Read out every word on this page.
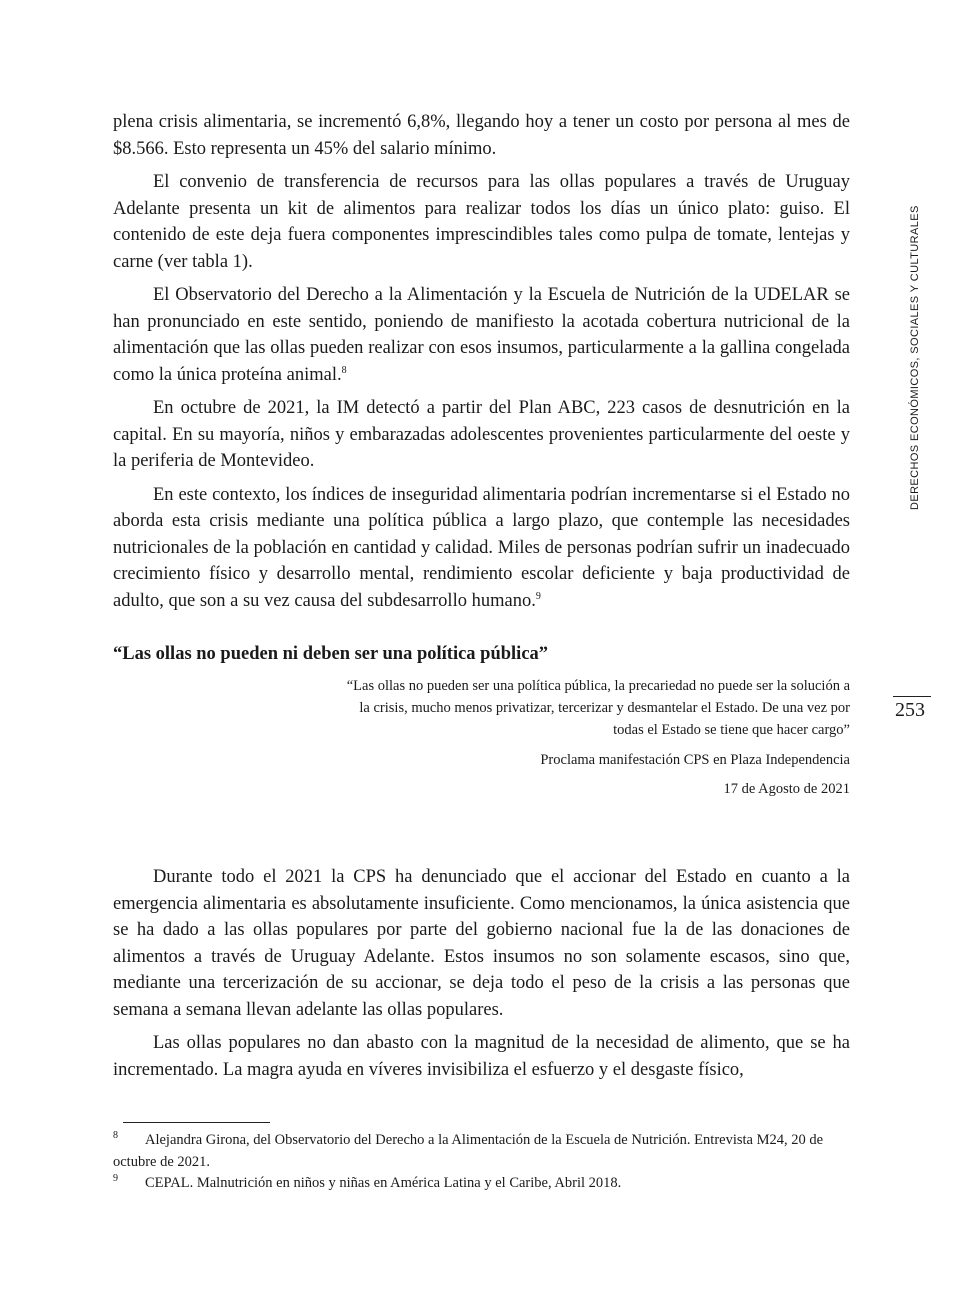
plena crisis alimentaria, se incrementó 6,8%, llegando hoy a tener un costo por persona al mes de $8.566. Esto representa un 45% del salario mínimo.

El convenio de transferencia de recursos para las ollas populares a través de Uruguay Adelante presenta un kit de alimentos para realizar todos los días un único plato: guiso. El contenido de este deja fuera componentes imprescindibles tales como pulpa de tomate, lentejas y carne (ver tabla 1).

El Observatorio del Derecho a la Alimentación y la Escuela de Nutrición de la UDELAR se han pronunciado en este sentido, poniendo de manifiesto la acotada cobertura nutricional de la alimentación que las ollas pueden realizar con esos insumos, particularmente a la gallina congelada como la única proteína animal.$^8$

En octubre de 2021, la IM detectó a partir del Plan ABC, 223 casos de desnutrición en la capital. En su mayoría, niños y embarazadas adolescentes provenientes particularmente del oeste y la periferia de Montevideo.

En este contexto, los índices de inseguridad alimentaria podrían incrementarse si el Estado no aborda esta crisis mediante una política pública a largo plazo, que contemple las necesidades nutricionales de la población en cantidad y calidad. Miles de personas podrían sufrir un inadecuado crecimiento físico y desarrollo mental, rendimiento escolar deficiente y baja productividad de adulto, que son a su vez causa del subdesarrollo humano.$^9$

“Las ollas no pueden ni deben ser una política pública”

“Las ollas no pueden ser una política pública, la precariedad no puede ser la solución a la crisis, mucho menos privatizar, tercerizar y desmantelar el Estado. De una vez por todas el Estado se tiene que hacer cargo”

Proclama manifestación CPS en Plaza Independencia
17 de Agosto de 2021

Durante todo el 2021 la CPS ha denunciado que el accionar del Estado en cuanto a la emergencia alimentaria es absolutamente insuficiente. Como mencionamos, la única asistencia que se ha dado a las ollas populares por parte del gobierno nacional fue la de las donaciones de alimentos a través de Uruguay Adelante. Estos insumos no son solamente escasos, sino que, mediante una tercerización de su accionar, se deja todo el peso de la crisis a las personas que semana a semana llevan adelante las ollas populares.

Las ollas populares no dan abasto con la magnitud de la necesidad de alimento, que se ha incrementado. La magra ayuda en víveres invisibiliza el esfuerzo y el desgaste físico,

8 Alejandra Girona, del Observatorio del Derecho a la Alimentación de la Escuela de Nutrición. Entrevista M24, 20 de octubre de 2021.

9 CEPAL. Malnutrición en niños y niñas en América Latina y el Caribe, Abril 2018.

DERECHOS ECONÓMICOS, SOCIALES Y CULTURALES
253
